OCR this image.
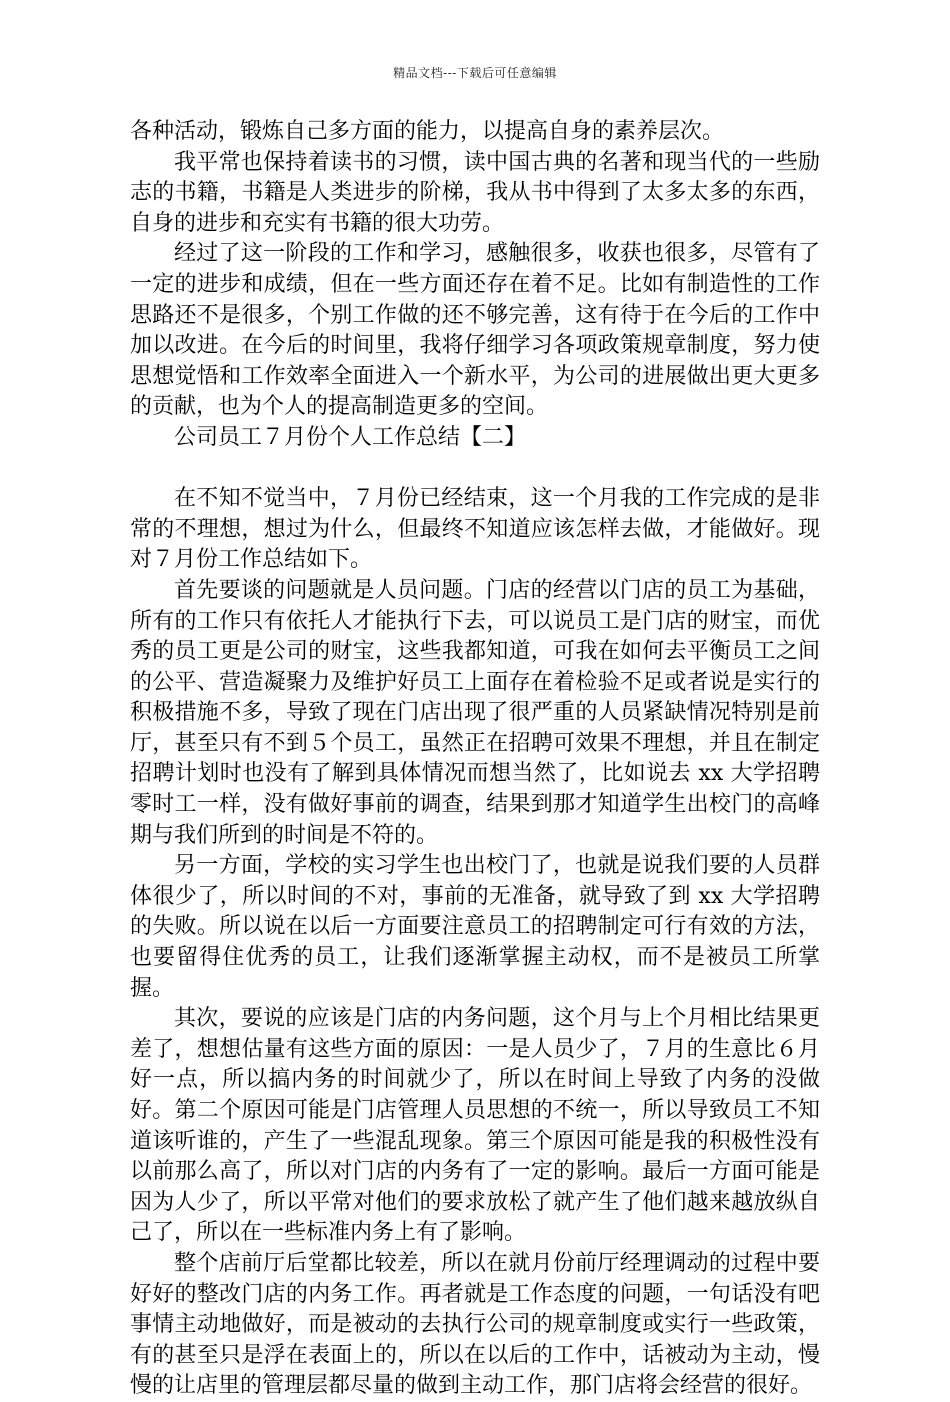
精品文档---下载后可任意编辑

各种活动，锻炼自己多方面的能力，以提高自身的素养层次。

我平常也保持着读书的习惯，读中国古典的名著和现当代的一些励志的书籍，书籍是人类进步的阶梯，我从书中得到了太多太多的东西，自身的进步和充实有书籍的很大功劳。

经过了这一阶段的工作和学习，感触很多，收获也很多，尽管有了一定的进步和成绩，但在一些方面还存在着不足。比如有制造性的工作思路还不是很多，个别工作做的还不够完善，这有待于在今后的工作中加以改进。在今后的时间里，我将仔细学习各项政策规章制度，努力使思想觉悟和工作效率全面进入一个新水平，为公司的进展做出更大更多的贡献，也为个人的提高制造更多的空间。

公司员工７月份个人工作总结【二】

在不知不觉当中，７月份已经结束，这一个月我的工作完成的是非常的不理想，想过为什么，但最终不知道应该怎样去做，才能做好。现对７月份工作总结如下。

首先要谈的问题就是人员问题。门店的经营以门店的员工为基础，所有的工作只有依托人才能执行下去，可以说员工是门店的财宝，而优秀的员工更是公司的财宝，这些我都知道，可我在如何去平衡员工之间的公平、营造凝聚力及维护好员工上面存在着检验不足或者说是实行的积极措施不多，导致了现在门店出现了很严重的人员紧缺情况特别是前厅，甚至只有不到５个员工，虽然正在招聘可效果不理想，并且在制定招聘计划时也没有了解到具体情况而想当然了，比如说去 xx 大学招聘零时工一样，没有做好事前的调查，结果到那才知道学生出校门的高峰期与我们所到的时间是不符的。

另一方面，学校的实习学生也出校门了，也就是说我们要的人员群体很少了，所以时间的不对，事前的无准备，就导致了到 xx 大学招聘的失败。所以说在以后一方面要注意员工的招聘制定可行有效的方法，也要留得住优秀的员工，让我们逐渐掌握主动权，而不是被员工所掌握。

其次，要说的应该是门店的内务问题，这个月与上个月相比结果更差了，想想估量有这些方面的原因：一是人员少了，７月的生意比６月好一点，所以搞内务的时间就少了，所以在时间上导致了内务的没做好。第二个原因可能是门店管理人员思想的不统一，所以导致员工不知道该听谁的，产生了一些混乱现象。第三个原因可能是我的积极性没有以前那么高了，所以对门店的内务有了一定的影响。最后一方面可能是因为人少了，所以平常对他们的要求放松了就产生了他们越来越放纵自己了，所以在一些标准内务上有了影响。

整个店前厅后堂都比较差，所以在就月份前厅经理调动的过程中要好好的整改门店的内务工作。再者就是工作态度的问题，一句话没有吧事情主动地做好，而是被动的去执行公司的规章制度或实行一些政策，有的甚至只是浮在表面上的，所以在以后的工作中，话被动为主动，慢慢的让店里的管理层都尽量的做到主动工作，那门店将会经营的很好。
